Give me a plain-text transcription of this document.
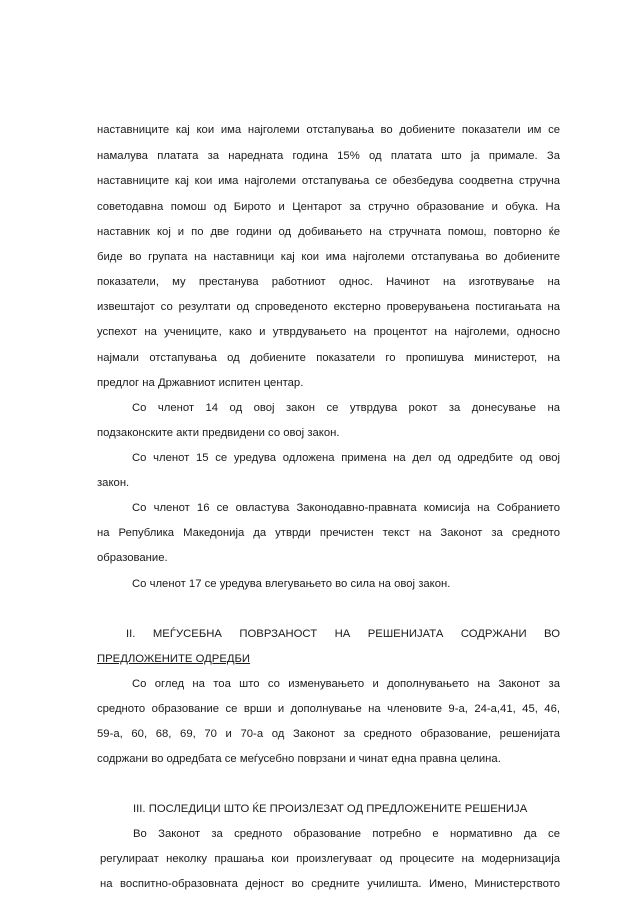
наставниците кај кои има најголеми отстапувања во добиените показатели им се
намалува платата за наредната година 15% од платата што ја примале. За
наставниците кај кои има најголеми отстапувања се обезбедува соодветна стручна
советодавна помош од Бирото и Центарот за стручно образование и обука. На
наставник кој и по две години од добивањето на стручната помош, повторно ќе
биде во групата на наставници кај кои има најголеми отстапувања во добиените
показатели, му престанува работниот однос. Начинот на изготвување на
извештајот со резултати од спроведеното екстерно проверувањена постигањата на
успехот на учениците, како и утврдувањето на процентот на најголеми, односно
најмали отстапувања од добиените показатели го пропишува министерот, на
предлог на Државниот испитен центар.
Со членот 14 од овој закон се утврдува рокот за донесување на
подзаконските акти предвидени со овој закон.
Со членот 15 се уредува одложена примена на дел од одредбите од овој
закон.
Со членот 16 се овластува Законодавно-правната комисија на Собранието
на Република Македонија да утврди пречистен текст на Законот за средното
образование.
Со членот 17 се уредува влегувањето во сила на овој закон.
II. МЕЃУСЕБНА ПОВРЗАНОСТ НА РЕШЕНИЈАТА СОДРЖАНИ ВО
ПРЕДЛОЖЕНИТЕ ОДРЕДБИ
Со оглед на тоа што со изменувањето и дополнувањето на Законот за
средното образование се врши и дополнување на членовите 9-а, 24-а,41, 45, 46,
59-а, 60, 68, 69, 70 и 70-а од Законот за средното образование, решенијата
содржани во одредбата се меѓусебно поврзани и чинат една правна целина.
III. ПОСЛЕДИЦИ ШТО ЌЕ ПРОИЗЛЕЗАТ ОД ПРЕДЛОЖЕНИТЕ РЕШЕНИЈА
Во Законот за средното образование потребно е нормативно да се
регулираат неколку прашања кои произлегуваат од процесите на модернизација
на воспитно-образовната дејност во средните училишта. Имено, Министерството
